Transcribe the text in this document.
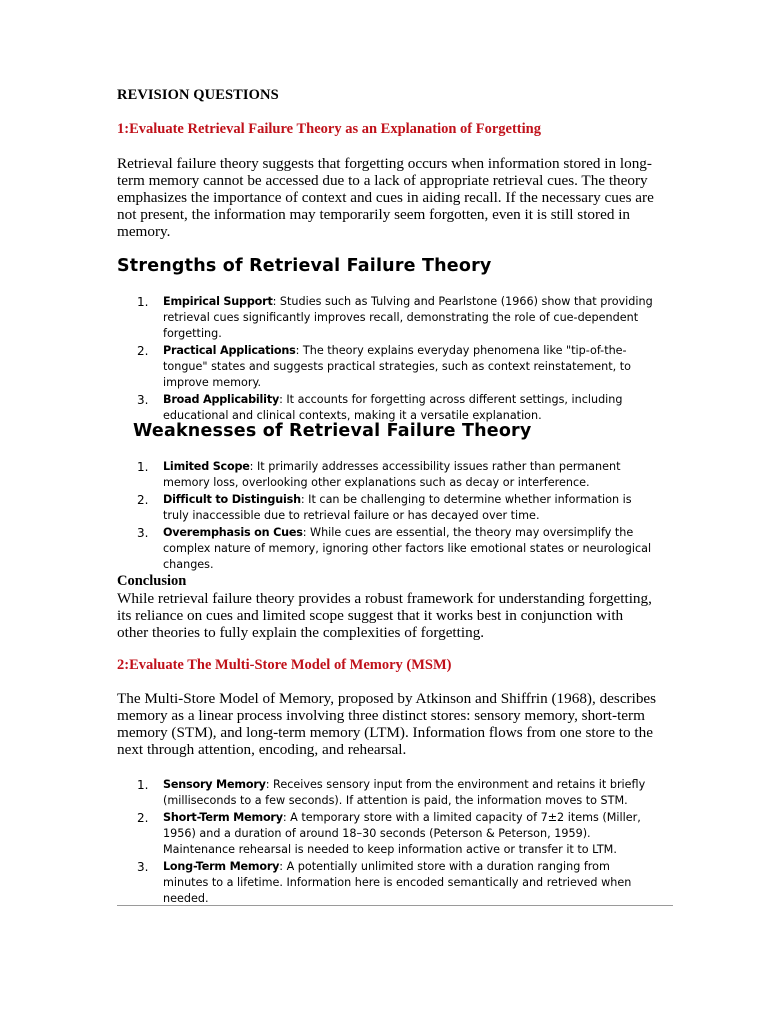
REVISION QUESTIONS
1:Evaluate Retrieval Failure Theory as an Explanation of Forgetting
Retrieval failure theory suggests that forgetting occurs when information stored in long-term memory cannot be accessed due to a lack of appropriate retrieval cues. The theory emphasizes the importance of context and cues in aiding recall. If the necessary cues are not present, the information may temporarily seem forgotten, even it is still stored in memory.
Strengths of Retrieval Failure Theory
1. Empirical Support: Studies such as Tulving and Pearlstone (1966) show that providing retrieval cues significantly improves recall, demonstrating the role of cue-dependent forgetting.
2. Practical Applications: The theory explains everyday phenomena like "tip-of-the-tongue" states and suggests practical strategies, such as context reinstatement, to improve memory.
3. Broad Applicability: It accounts for forgetting across different settings, including educational and clinical contexts, making it a versatile explanation.
Weaknesses of Retrieval Failure Theory
1. Limited Scope: It primarily addresses accessibility issues rather than permanent memory loss, overlooking other explanations such as decay or interference.
2. Difficult to Distinguish: It can be challenging to determine whether information is truly inaccessible due to retrieval failure or has decayed over time.
3. Overemphasis on Cues: While cues are essential, the theory may oversimplify the complex nature of memory, ignoring other factors like emotional states or neurological changes.
Conclusion
While retrieval failure theory provides a robust framework for understanding forgetting, its reliance on cues and limited scope suggest that it works best in conjunction with other theories to fully explain the complexities of forgetting.
2:Evaluate The Multi-Store Model of Memory (MSM)
The Multi-Store Model of Memory, proposed by Atkinson and Shiffrin (1968), describes memory as a linear process involving three distinct stores: sensory memory, short-term memory (STM), and long-term memory (LTM). Information flows from one store to the next through attention, encoding, and rehearsal.
1. Sensory Memory: Receives sensory input from the environment and retains it briefly (milliseconds to a few seconds). If attention is paid, the information moves to STM.
2. Short-Term Memory: A temporary store with a limited capacity of 7±2 items (Miller, 1956) and a duration of around 18–30 seconds (Peterson & Peterson, 1959). Maintenance rehearsal is needed to keep information active or transfer it to LTM.
3. Long-Term Memory: A potentially unlimited store with a duration ranging from minutes to a lifetime. Information here is encoded semantically and retrieved when needed.
